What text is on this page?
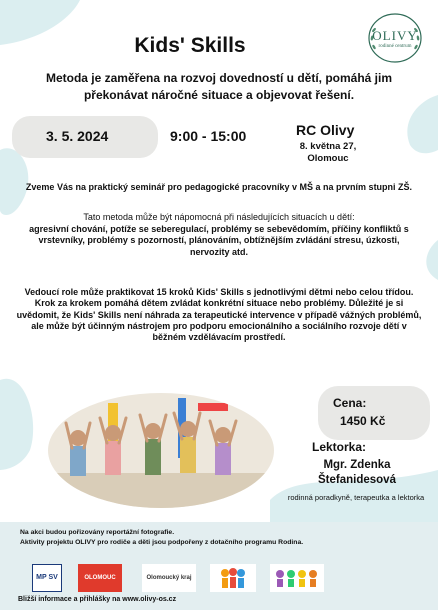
OLIVY
rodinné centrum
Kids' Skills
Metoda je zaměřena na rozvoj dovedností u dětí, pomáhá jim překonávat náročné situace a objevovat řešení.
3. 5. 2024	9:00 - 15:00	RC Olivy
8. května 27, Olomouc
Zveme Vás na praktický seminář pro pedagogické pracovníky v MŠ a na prvním stupni ZŠ.
Tato metoda může být nápomocná při následujících situacích u dětí:
agresivní chování, potíže se seberegulací, problémy se sebevědomím, příčiny konfliktů s vrstevníky, problémy s pozorností, plánováním, obtížnějším zvládání stresu, úzkosti, nervozity atd.
Vedoucí role může praktikovat 15 kroků Kids' Skills s jednotlivými dětmi nebo celou třídou. Krok za krokem pomáhá dětem zvládat konkrétní situace nebo problémy. Důležité je si uvědomit, že Kids' Skills není náhrada za terapeutické intervence v případě vážných problémů, ale může být účinným nástrojem pro podporu emocionálního a sociálního rozvoje dětí v běžném vzdělávacím prostředí.
Cena:
1450 Kč
Lektorka:
Mgr. Zdenka Štefanidesová
rodinná poradkyně, terapeutka a lektorka
Na akci budou pořizovány reportážní fotografie.
Aktivity projektu OLIVY pro rodiče a děti jsou podpořeny z dotačního programu Rodina.
MP SV	OLOMOUC	Olomoucký kraj
Bližší informace a přihlášky na www.olivy-os.cz
